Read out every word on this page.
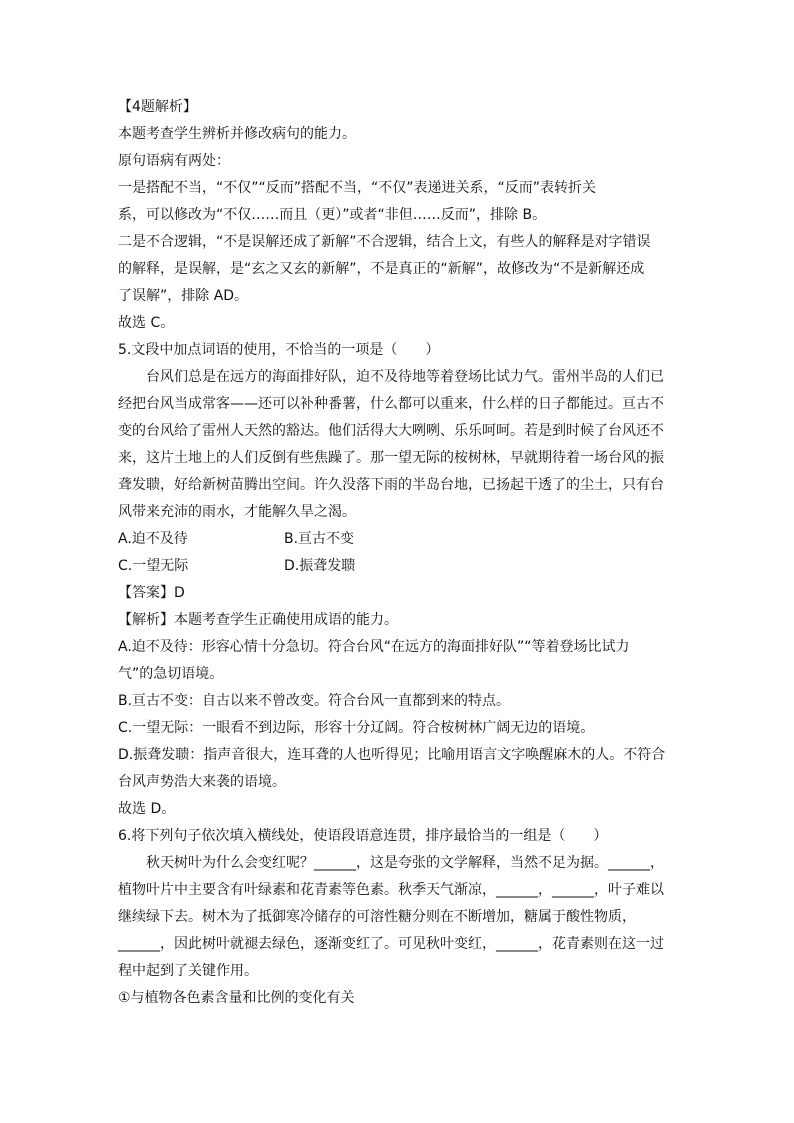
【4题解析】
本题考查学生辨析并修改病句的能力。
原句语病有两处：
一是搭配不当，“不仅”“反而”搭配不当，“不仅”表递进关系，“反而”表转折关
系，可以修改为“不仅……而且（更）”或者“非但……反而”，排除 B。
二是不合逻辑，“不是误解还成了新解”不合逻辑，结合上文，有些人的解释是对字错误
的解释，是误解，是“玄之又玄的新解”，不是真正的“新解”，故修改为“不是新解还成
了误解”，排除 AD。
故选 C。
5.文段中加点词语的使用，不恰当的一项是（　　）
台风们总是在远方的海面排好队，迫不及待地等着登场比试力气。雷州半岛的人们已
经把台风当成常客——还可以补种番薯，什么都可以重来，什么样的日子都能过。亘古不
变的台风给了雷州人天然的豁达。他们活得大大咧咧、乐乐呵呵。若是到时候了台风还不
来，这片土地上的人们反倒有些焦躁了。那一望无际的桉树林，早就期待着一场台风的振
聋发聩，好给新树苗腾出空间。许久没落下雨的半岛台地，已扬起干透了的尘土，只有台
风带来充沛的雨水，才能解久旱之渴。
A.迫不及待	B.亘古不变
C.一望无际	D.振聋发聩
【答案】D
【解析】本题考查学生正确使用成语的能力。
A.迫不及待：形容心情十分急切。符合台风“在远方的海面排好队”“等着登场比试力
气”的急切语境。
B.亘古不变：自古以来不曾改变。符合台风一直都到来的特点。
C.一望无际：一眼看不到边际，形容十分辽阔。符合桉树林广阔无边的语境。
D.振聋发聩：指声音很大，连耳聋的人也听得见；比喻用语言文字唤醒麻木的人。不符合
台风声势浩大来袭的语境。
故选 D。
6.将下列句子依次填入横线处，使语段语意连贯，排序最恰当的一组是（　　）
秋天树叶为什么会变红呢？______，这是夸张的文学解释，当然不足为据。______，
植物叶片中主要含有叶绿素和花青素等色素。秋季天气渐凉，______，______，叶子难以
继续绿下去。树木为了抵御寒冷储存的可溶性糖分则在不断增加，糖属于酸性物质，
______，因此树叶就褪去绿色，逐渐变红了。可见秋叶变红，______，花青素则在这一过
程中起到了关键作用。
①与植物各色素含量和比例的变化有关
